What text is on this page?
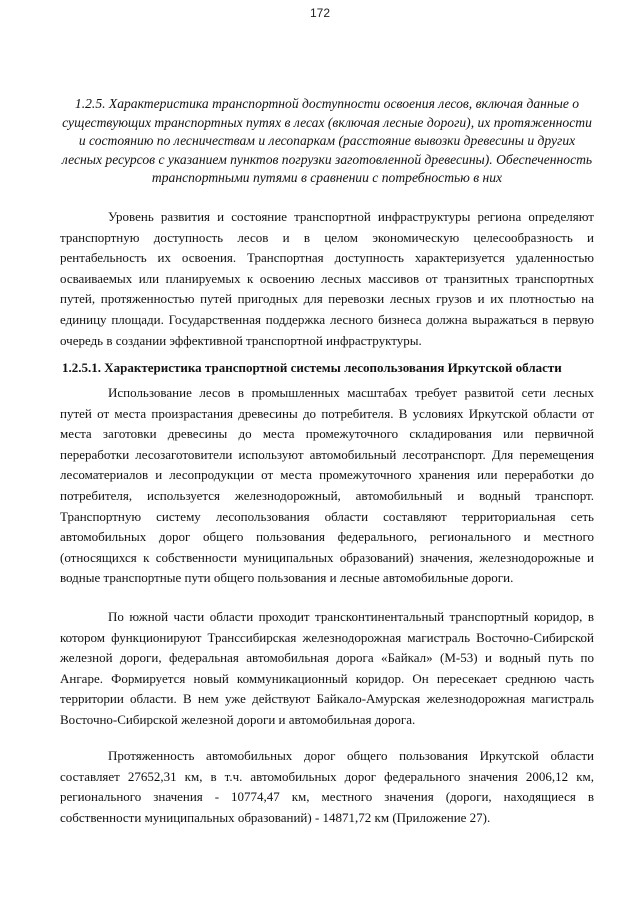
172
1.2.5. Характеристика транспортной доступности освоения лесов, включая данные о существующих транспортных путях в лесах (включая лесные дороги), их протяженности и состоянию по лесничествам и лесопаркам (расстояние вывозки древесины и других лесных ресурсов с указанием пунктов погрузки заготовленной древесины). Обеспеченность транспортными путями в сравнении с потребностью в них

Уровень развития и состояние транспортной инфраструктуры региона определяют транспортную доступность лесов и в целом экономическую целесообразность и рентабельность их освоения. Транспортная доступность характеризуется удаленностью осваиваемых или планируемых к освоению лесных массивов от транзитных транспортных путей, протяженностью путей пригодных для перевозки лесных грузов и их плотностью на единицу площади. Государственная поддержка лесного бизнеса должна выражаться в первую очередь в создании эффективной транспортной инфраструктуры.

1.2.5.1. Характеристика транспортной системы лесопользования Иркутской области

Использование лесов в промышленных масштабах требует развитой сети лесных путей от места произрастания древесины до потребителя. В условиях Иркутской области от места заготовки древесины до места промежуточного складирования или первичной переработки лесозаготовители используют автомобильный лесотранспорт. Для перемещения лесоматериалов и лесопродукции от места промежуточного хранения или переработки до потребителя, используется железнодорожный, автомобильный и водный транспорт. Транспортную систему лесопользования области составляют территориальная сеть автомобильных дорог общего пользования федерального, регионального и местного (относящихся к собственности муниципальных образований) значения, железнодорожные и водные транспортные пути общего пользования и лесные автомобильные дороги.

По южной части области проходит трансконтинентальный транспортный коридор, в котором функционируют Транссибирская железнодорожная магистраль Восточно-Сибирской железной дороги, федеральная автомобильная дорога «Байкал» (М-53) и водный путь по Ангаре. Формируется новый коммуникационный коридор. Он пересекает среднюю часть территории области. В нем уже действуют Байкало-Амурская железнодорожная магистраль Восточно-Сибирской железной дороги и автомобильная дорога.

Протяженность автомобильных дорог общего пользования Иркутской области составляет 27652,31 км, в т.ч. автомобильных дорог федерального значения 2006,12 км, регионального значения - 10774,47 км, местного значения (дороги, находящиеся в собственности муниципальных образований) - 14871,72 км (Приложение 27).
